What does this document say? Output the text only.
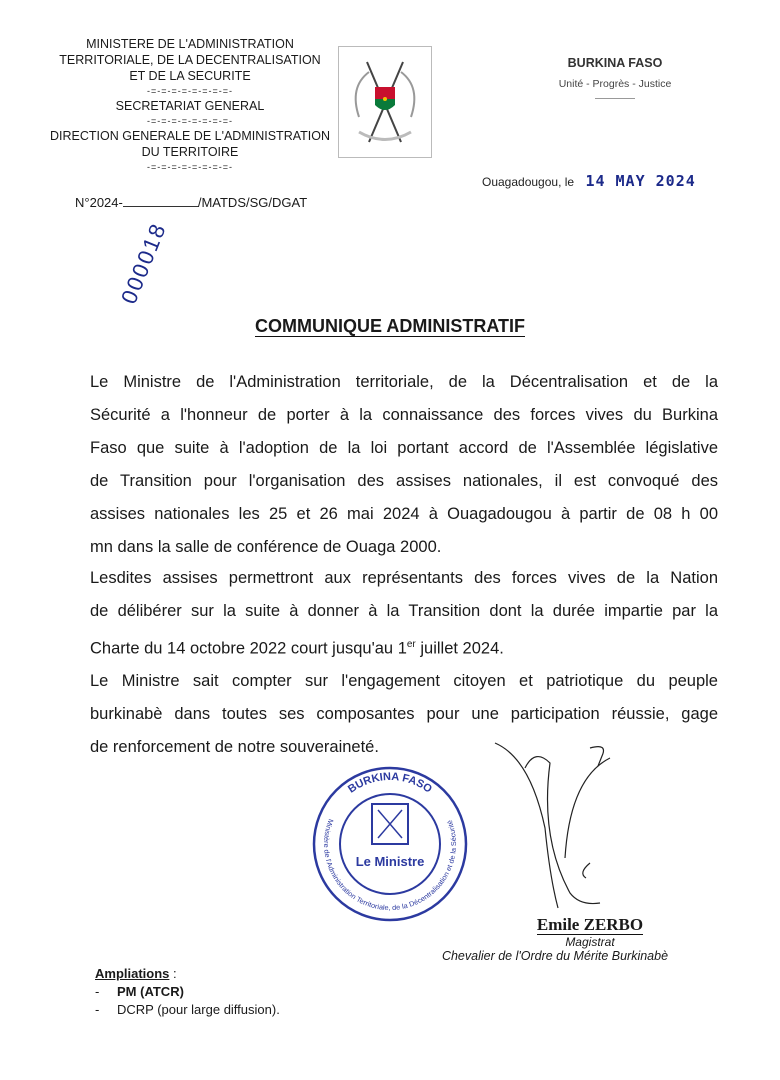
MINISTERE DE L'ADMINISTRATION
TERRITORIALE, DE LA DECENTRALISATION
ET DE LA SECURITE
-=-=-=-=-=-=-=-=-
SECRETARIAT GENERAL
-=-=-=-=-=-=-=-=-
DIRECTION GENERALE DE L'ADMINISTRATION
DU TERRITOIRE
-=-=-=-=-=-=-=-=-
BURKINA FASO
Unité - Progrès - Justice
Ouagadougou, le 14 MAY 2024
N°2024-	/MATDS/SG/DGAT
000018
COMMUNIQUE ADMINISTRATIF
Le Ministre de l'Administration territoriale, de la Décentralisation et de la
Sécurité a l'honneur de porter à la connaissance des forces vives du Burkina
Faso que suite à l'adoption de la loi portant accord de l'Assemblée législative
de Transition pour l'organisation des assises nationales, il est convoqué des
assises nationales les 25 et 26 mai 2024 à Ouagadougou à partir de 08 h 00
mn dans la salle de conférence de Ouaga 2000.
Lesdites assises permettront aux représentants des forces vives de la Nation
de délibérer sur la suite à donner à la Transition dont la durée impartie par la
Charte du 14 octobre 2022 court jusqu'au 1er juillet 2024.
Le Ministre sait compter sur l'engagement citoyen et patriotique du peuple
burkinabè dans toutes ses composantes pour une participation réussie, gage
de renforcement de notre souveraineté.
BURKINA FASO
Ministère de l'Administration Territoriale, de la Décentralisation et de la Sécurité
Le Ministre
Emile ZERBO
Magistrat
Chevalier de l'Ordre du Mérite Burkinabè
Ampliations :
- PM (ATCR)
- DCRP (pour large diffusion).
